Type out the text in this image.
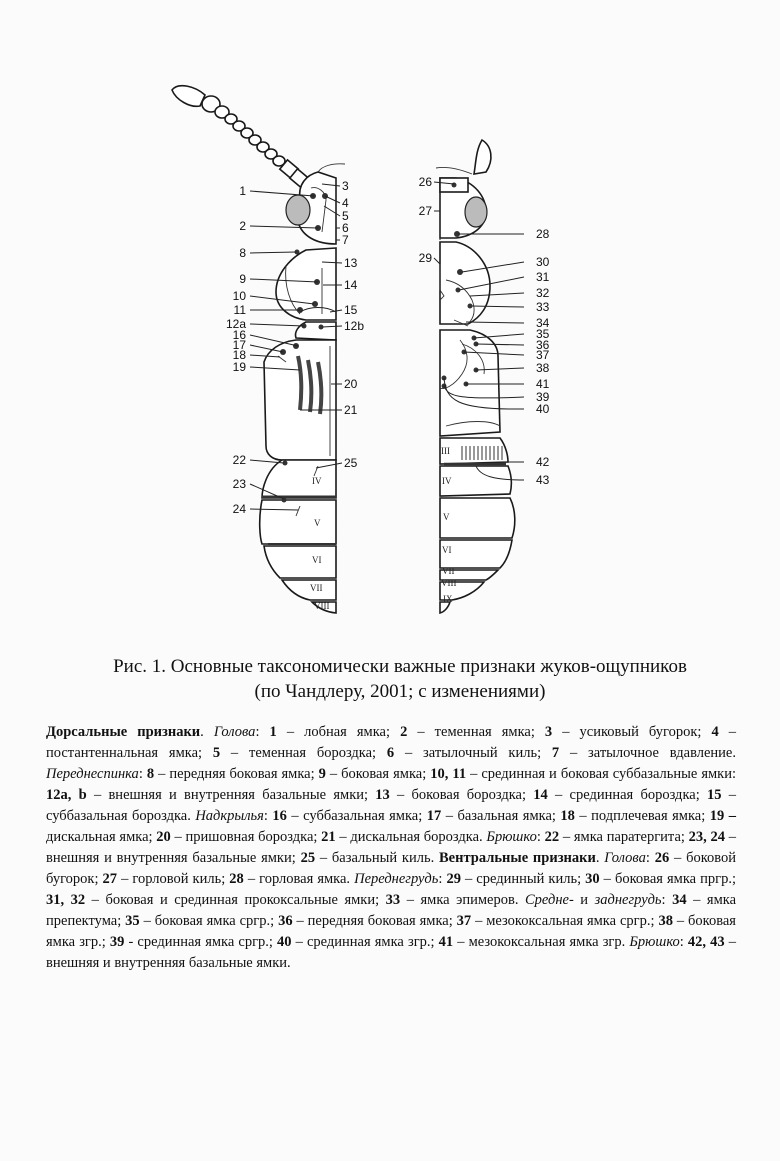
IV
V
VI
VII
VIII
1
2
8
9
10
11
12a
16
17
18
19
22
23
24
3
4
5
6
7
13
14
15
12b
20
21
25
III
IV
V
VI
VII
VIII
IX
26
27
29
28
30
31
32
33
34
35
36
37
38
41
39
40
42
43
Рис. 1. Основные таксономически важные признаки жуков-ощупников
(по Чандлеру, 2001; с изменениями)
Дорсальные признаки. Голова: 1 – лобная ямка; 2 – теменная ямка; 3 – усиковый бугорок; 4 – постантеннальная ямка; 5 – теменная бороздка; 6 – затылочный киль; 7 – затылочное вдавление. Переднеспинка: 8 – передняя боковая ямка; 9 – боковая ямка; 10, 11 – срединная и боковая суббазальные ямки: 12a, b – внешняя и внутренняя базальные ямки; 13 – боковая бороздка; 14 – срединная бороздка; 15 – суббазальная бороздка. Надкрылья: 16 – суббазальная ямка; 17 – базальная ямка; 18 – подплечевая ямка; 19 – дискальная ямка; 20 – пришовная бороздка; 21 – дискальная бороздка. Брюшко: 22 – ямка паратергита; 23, 24 – внешняя и внутренняя базальные ямки; 25 – базальный киль. Вентральные признаки. Голова: 26 – боковой бугорок; 27 – горловой киль; 28 – горловая ямка. Переднегрудь: 29 – срединный киль; 30 – боковая ямка пргр.; 31, 32 – боковая и срединная прококсальные ямки; 33 – ямка эпимеров. Средне- и заднегрудь: 34 – ямка препектума; 35 – боковая ямка сргр.; 36 – передняя боковая ямка; 37 – мезококсальная ямка сргр.; 38 – боковая ямка згр.; 39 - срединная ямка сргр.; 40 – срединная ямка згр.; 41 – мезококсальная ямка згр. Брюшко: 42, 43 – внешняя и внутренняя базальные ямки.
